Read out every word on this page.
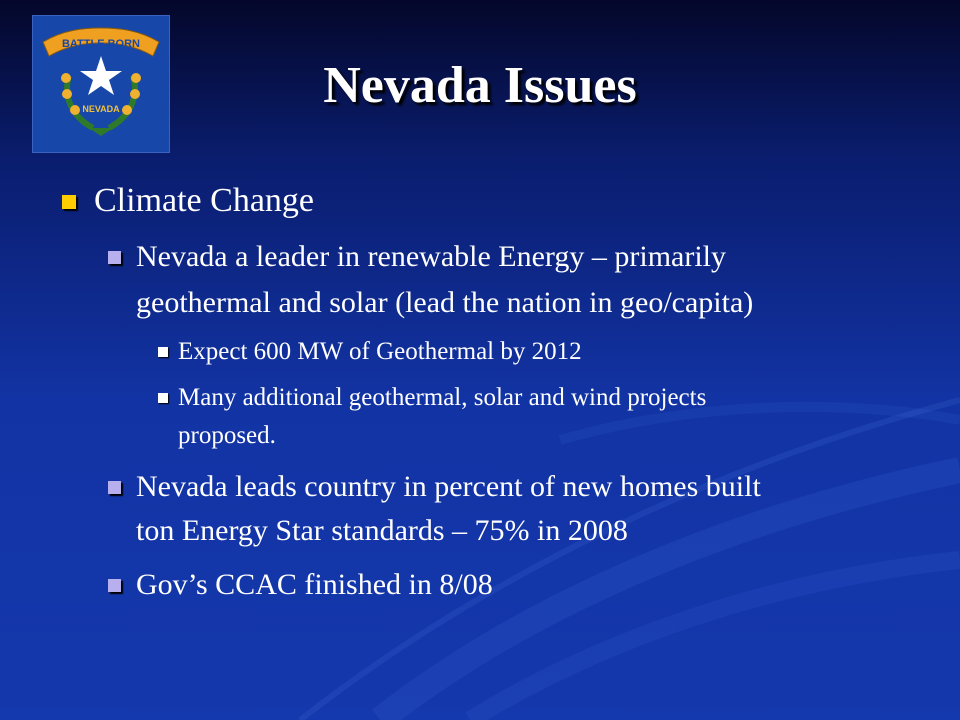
BATTLE BORN
NEVADA	Nevada Issues
Climate Change
Nevada a leader in renewable Energy – primarily
geothermal and solar (lead the nation in geo/capita)
Expect 600 MW of Geothermal by 2012
Many additional geothermal, solar and wind projects
proposed.
Nevada leads country in percent of new homes built
ton Energy Star standards – 75% in 2008
Gov’s CCAC finished in 8/08
